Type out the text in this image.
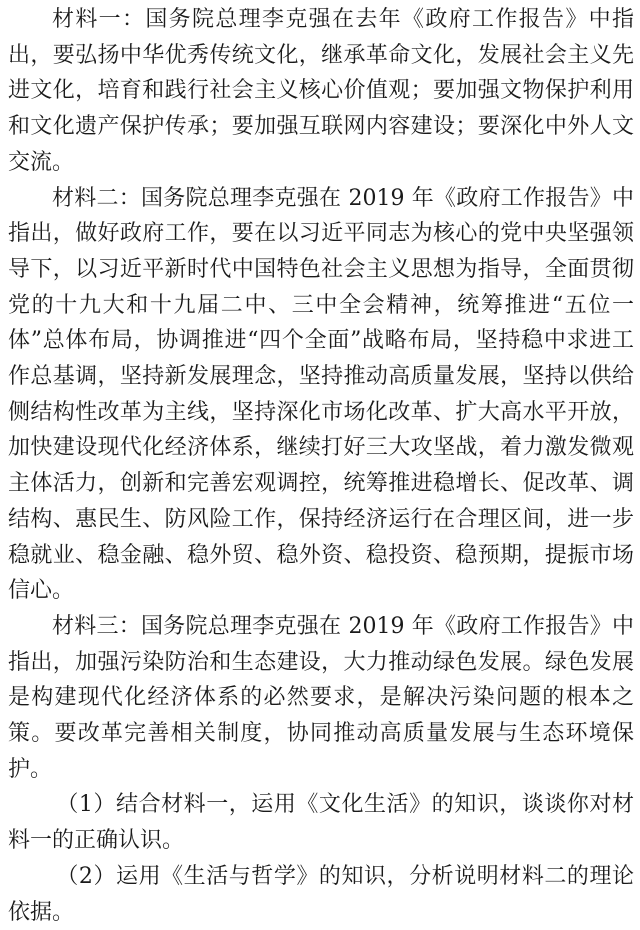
材料一：国务院总理李克强在去年《政府工作报告》中指出，要弘扬中华优秀传统文化，继承革命文化，发展社会主义先进文化，培育和践行社会主义核心价值观；要加强文物保护利用和文化遗产保护传承；要加强互联网内容建设；要深化中外人文交流。

材料二：国务院总理李克强在 2019 年《政府工作报告》中指出，做好政府工作，要在以习近平同志为核心的党中央坚强领导下，以习近平新时代中国特色社会主义思想为指导，全面贯彻党的十九大和十九届二中、三中全会精神，统筹推进“五位一体”总体布局，协调推进“四个全面”战略布局，坚持稳中求进工作总基调，坚持新发展理念，坚持推动高质量发展，坚持以供给侧结构性改革为主线，坚持深化市场化改革、扩大高水平开放，加快建设现代化经济体系，继续打好三大攻坚战，着力激发微观主体活力，创新和完善宏观调控，统筹推进稳增长、促改革、调结构、惠民生、防风险工作，保持经济运行在合理区间，进一步稳就业、稳金融、稳外贸、稳外资、稳投资、稳预期，提振市场信心。

材料三：国务院总理李克强在 2019 年《政府工作报告》中指出，加强污染防治和生态建设，大力推动绿色发展。绿色发展是构建现代化经济体系的必然要求，是解决污染问题的根本之策。要改革完善相关制度，协同推动高质量发展与生态环境保护。

（1）结合材料一，运用《文化生活》的知识，谈谈你对材料一的正确认识。

（2）运用《生活与哲学》的知识，分析说明材料二的理论依据。
